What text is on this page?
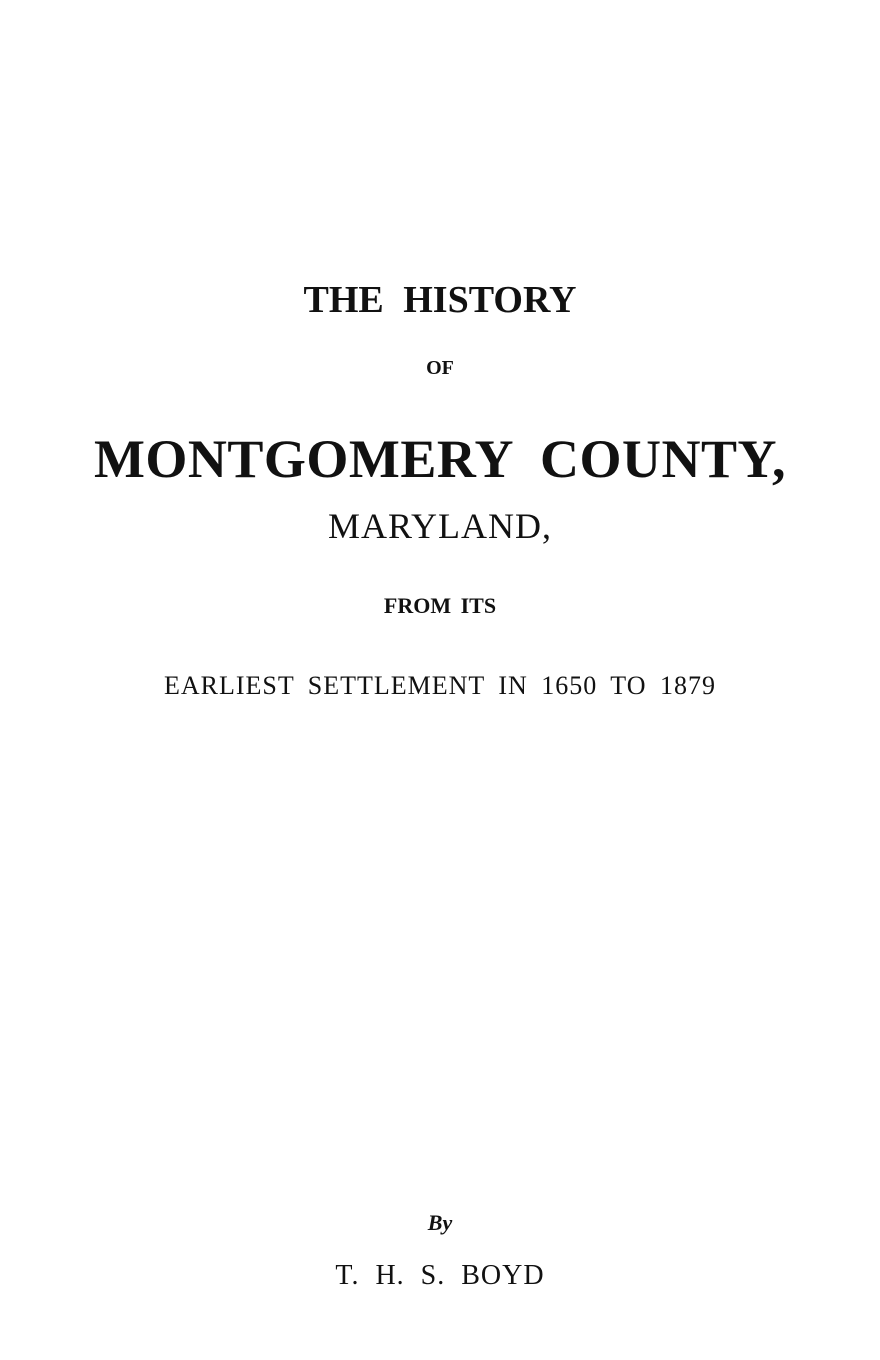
THE HISTORY

OF

MONTGOMERY COUNTY,

MARYLAND,

FROM ITS

EARLIEST SETTLEMENT IN 1650 TO 1879

By

T. H. S. BOYD
